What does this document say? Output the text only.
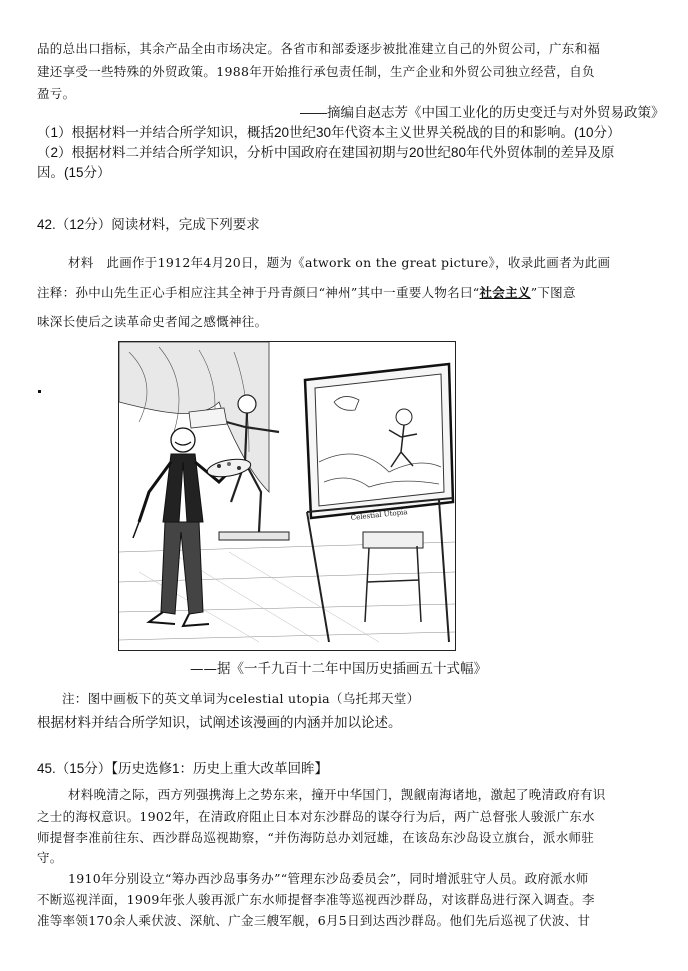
品的总出口指标，其余产品全由市场决定。各省市和部委逐步被批准建立自己的外贸公司，广东和福
建还享受一些特殊的外贸政策。1988年开始推行承包责任制，生产企业和外贸公司独立经营，自负
盈亏。
——摘编自赵志芳《中国工业化的历史变迁与对外贸易政策》
（1）根据材料一并结合所学知识，概括20世纪30年代资本主义世界关税战的目的和影响。(10分）
（2）根据材料二并结合所学知识，分析中国政府在建国初期与20世纪80年代外贸体制的差异及原
因。(15分）
42.（12分）阅读材料，完成下列要求
材料　此画作于1912年4月20日，题为《atwork on the great picture》，收录此画者为此画
注释：孙中山先生正心手相应注其全神于丹青颜曰“神州”其中一重要人物名曰“社会主义”下图意
味深长使后之读革命史者闻之感慨神往。
Celestial Utopia
——据《一千九百十二年中国历史插画五十式幅》
注：图中画板下的英文单词为celestial utopia（乌托邦天堂）
根据材料并结合所学知识，试阐述该漫画的内涵并加以论述。
45.（15分）【历史选修1：历史上重大改革回眸】
材料晚清之际，西方列强携海上之势东来，撞开中华国门，觊觎南海诸地，激起了晚清政府有识
之士的海权意识。1902年，在清政府阻止日本对东沙群岛的谋夺行为后，两广总督张人骏派广东水
师提督李准前往东、西沙群岛巡视勘察，“并伤海防总办刘冠雄，在该岛东沙岛设立旗台，派水师驻
守。
1910年分别设立“筹办西沙岛事务办”“管理东沙岛委员会”，同时增派驻守人员。政府派水师
不断巡视洋面，1909年张人骏再派广东水师提督李准等巡视西沙群岛，对该群岛进行深入调查。李
准等率领170余人乘伏波、深航、广金三艘军舰，6月5日到达西沙群岛。他们先后巡视了伏波、甘
